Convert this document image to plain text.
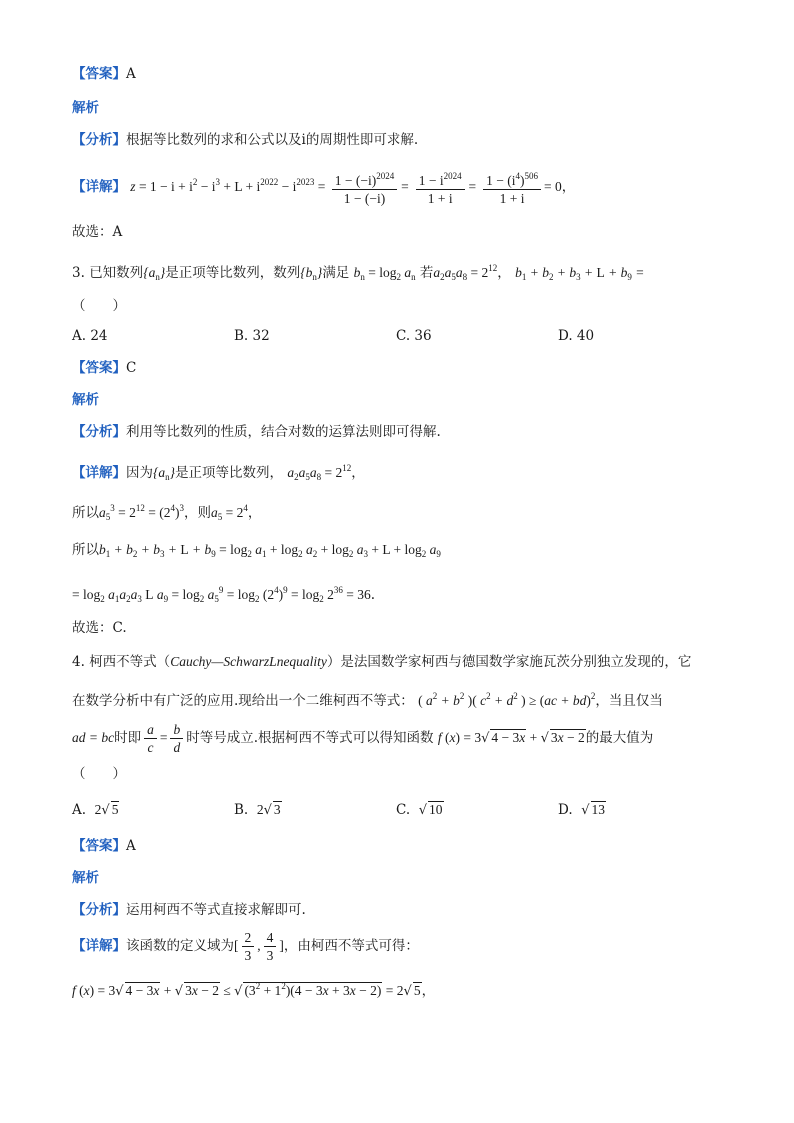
【答案】A
解析
【分析】根据等比数列的求和公式以及i的周期性即可求解.
【详解】 $z = 1 - i + i^2 - i^3 + L + i^{2022} - i^{2023} = \frac{1 - (-i)^{2024}}{1 - (-i)} = \frac{1 - i^{2024}}{1 + i} = \frac{1 - (i^4)^{506}}{1 + i} = 0$，
故选：A
3. 已知数列$\{a_n\}$是正项等比数列，数列$\{b_n\}$满足 $b_n = \log_2 a_n$ 若$a_2a_5a_8 = 2^{12}$， $b_1 + b_2 + b_3 + L + b_9$ =
（　　）
A. 24	B. 32	C. 36	D. 40
【答案】C
解析
【分析】利用等比数列的性质，结合对数的运算法则即可得解.
【详解】因为$\{a_n\}$是正项等比数列， $a_2a_5a_8 = 2^{12}$，
所以$a_5^3 = 2^{12} = (2^4)^3$，则$a_5 = 2^4$，
所以$b_1 + b_2 + b_3 + L + b_9 = \log_2 a_1 + \log_2 a_2 + \log_2 a_3 + L + \log_2 a_9$
= $\log_2 a_1a_2a_3$ L $a_9 = \log_2 a_5^9 = \log_2 (2^4)^9 = \log_2 2^{36} = 36$.
故选：C.
4. 柯西不等式（Cauchy—SchwarzLnequality）是法国数学家柯西与德国数学家施瓦茨分别独立发现的，它
在数学分析中有广泛的应用.现给出一个二维柯西不等式： ( $a^2 + b^2$ )( $c^2 + d^2$ ) ≥ (ac + bd)$^2$，当且仅当
ad = bc时即 $\frac{a}{c} = \frac{b}{d}$ 时等号成立.根据柯西不等式可以得知函数 f (x) = 3√ 4 − 3x + √ 3x − 2的最大值为
（　　）
A. 2√ 5	B. 2√ 3	C. √ 10	D. √ 13
【答案】A
解析
【分析】运用柯西不等式直接求解即可.
【详解】该函数的定义域为[ $\frac{2}{3}$ , $\frac{4}{3}$ ]，由柯西不等式可得：
f (x) = 3√ 4 − 3x + √ 3x − 2 ≤ √ $(3^2 + 1^2)(4 - 3x + 3x - 2) = 2√$ 5，
